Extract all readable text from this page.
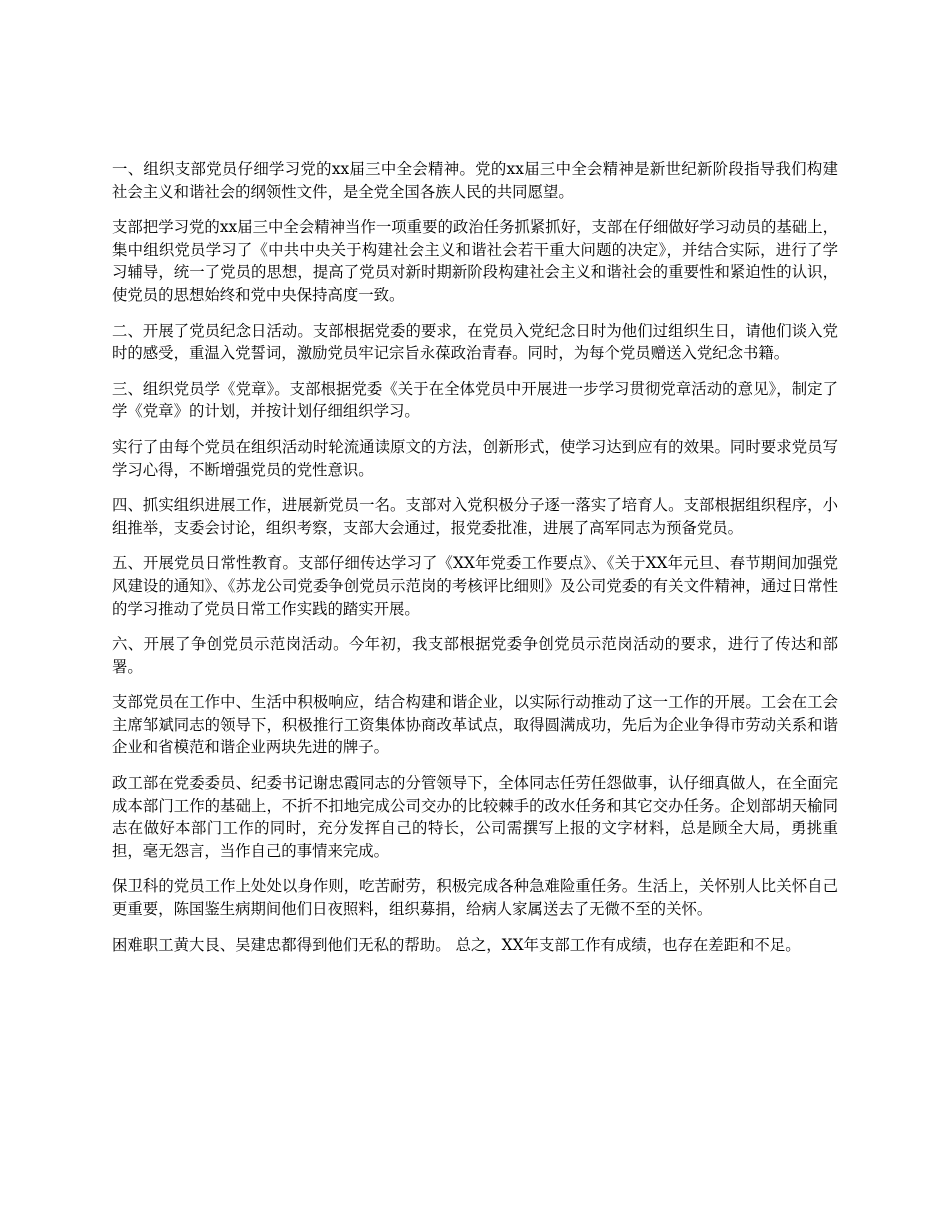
一、组织支部党员仔细学习党的xx届三中全会精神。党的xx届三中全会精神是新世纪新阶段指导我们构建社会主义和谐社会的纲领性文件，是全党全国各族人民的共同愿望。

支部把学习党的xx届三中全会精神当作一项重要的政治任务抓紧抓好，支部在仔细做好学习动员的基础上，集中组织党员学习了《中共中央关于构建社会主义和谐社会若干重大问题的决定》，并结合实际，进行了学习辅导，统一了党员的思想，提高了党员对新时期新阶段构建社会主义和谐社会的重要性和紧迫性的认识，使党员的思想始终和党中央保持高度一致。

二、开展了党员纪念日活动。支部根据党委的要求，在党员入党纪念日时为他们过组织生日，请他们谈入党时的感受，重温入党誓词，激励党员牢记宗旨永葆政治青春。同时，为每个党员赠送入党纪念书籍。

三、组织党员学《党章》。支部根据党委《关于在全体党员中开展进一步学习贯彻党章活动的意见》，制定了学《党章》的计划，并按计划仔细组织学习。

实行了由每个党员在组织活动时轮流通读原文的方法，创新形式，使学习达到应有的效果。同时要求党员写学习心得，不断增强党员的党性意识。

四、抓实组织进展工作，进展新党员一名。支部对入党积极分子逐一落实了培育人。支部根据组织程序，小组推举，支委会讨论，组织考察，支部大会通过，报党委批准，进展了高军同志为预备党员。

五、开展党员日常性教育。支部仔细传达学习了《XX年党委工作要点》、《关于XX年元旦、春节期间加强党风建设的通知》、《苏龙公司党委争创党员示范岗的考核评比细则》及公司党委的有关文件精神，通过日常性的学习推动了党员日常工作实践的踏实开展。

六、开展了争创党员示范岗活动。今年初，我支部根据党委争创党员示范岗活动的要求，进行了传达和部署。

支部党员在工作中、生活中积极响应，结合构建和谐企业，以实际行动推动了这一工作的开展。工会在工会主席邹斌同志的领导下，积极推行工资集体协商改革试点，取得圆满成功，先后为企业争得市劳动关系和谐企业和省模范和谐企业两块先进的牌子。

政工部在党委委员、纪委书记谢忠霞同志的分管领导下，全体同志任劳任怨做事，认仔细真做人，在全面完成本部门工作的基础上，不折不扣地完成公司交办的比较棘手的改水任务和其它交办任务。企划部胡天榆同志在做好本部门工作的同时，充分发挥自己的特长，公司需撰写上报的文字材料，总是顾全大局，勇挑重担，毫无怨言，当作自己的事情来完成。

保卫科的党员工作上处处以身作则，吃苦耐劳，积极完成各种急难险重任务。生活上，关怀别人比关怀自己更重要，陈国鉴生病期间他们日夜照料，组织募捐，给病人家属送去了无微不至的关怀。

困难职工黄大艮、吴建忠都得到他们无私的帮助。 总之，XX年支部工作有成绩，也存在差距和不足。
